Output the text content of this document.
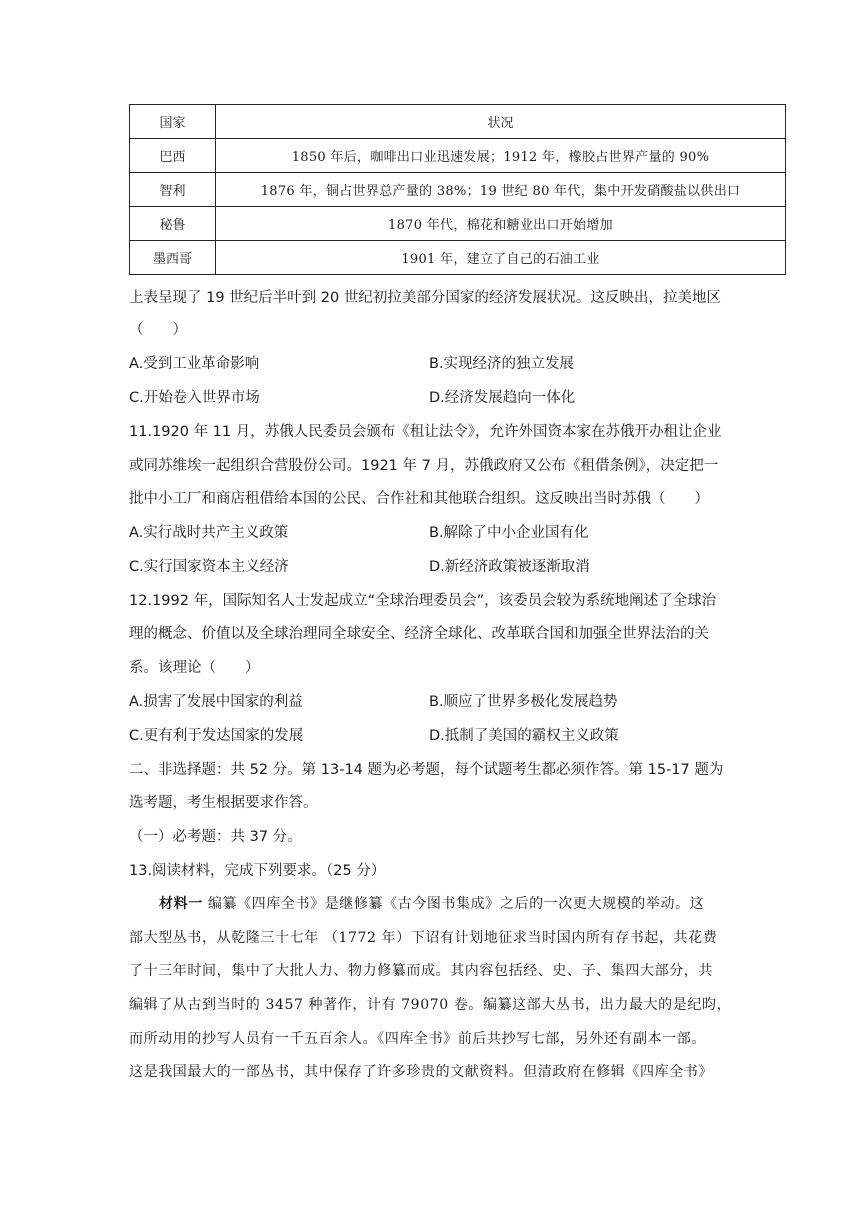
国家	状况
巴西	1850 年后，咖啡出口业迅速发展；1912 年，橡胶占世界产量的 90%
智利	1876 年，铜占世界总产量的 38%；19 世纪 80 年代，集中开发硝酸盐以供出口
秘鲁	1870 年代，棉花和糖业出口开始增加
墨西哥	1901 年，建立了自己的石油工业
上表呈现了 19 世纪后半叶到 20 世纪初拉美部分国家的经济发展状况。这反映出，拉美地区
（　　）
A.受到工业革命影响	B.实现经济的独立发展
C.开始卷入世界市场	D.经济发展趋向一体化
11.1920 年 11 月，苏俄人民委员会颁布《租让法令》，允许外国资本家在苏俄开办租让企业
或同苏维埃一起组织合营股份公司。1921 年 7 月，苏俄政府又公布《租借条例》，决定把一
批中小工厂和商店租借给本国的公民、合作社和其他联合组织。这反映出当时苏俄（　　）
A.实行战时共产主义政策	B.解除了中小企业国有化
C.实行国家资本主义经济	D.新经济政策被逐渐取消
12.1992 年，国际知名人士发起成立“全球治理委员会”，该委员会较为系统地阐述了全球治
理的概念、价值以及全球治理同全球安全、经济全球化、改革联合国和加强全世界法治的关
系。该理论（　　）
A.损害了发展中国家的利益	B.顺应了世界多极化发展趋势
C.更有利于发达国家的发展	D.抵制了美国的霸权主义政策
二、非选择题：共 52 分。第 13-14 题为必考题，每个试题考生都必须作答。第 15-17 题为
选考题，考生根据要求作答。
（一）必考题：共 37 分。
13.阅读材料，完成下列要求。（25 分）
材料一 编纂《四库全书》是继修纂《古今图书集成》之后的一次更大规模的举动。这
部大型丛书，从乾隆三十七年 （1772 年）下诏有计划地征求当时国内所有存书起，共花费
了十三年时间，集中了大批人力、物力修纂而成。其内容包括经、史、子、集四大部分，共
编辑了从古到当时的 3457 种著作，计有 79070 卷。编纂这部大丛书，出力最大的是纪昀，
而所动用的抄写人员有一千五百余人。《四库全书》前后共抄写七部，另外还有副本一部。
这是我国最大的一部丛书，其中保存了许多珍贵的文献资料。但清政府在修辑《四库全书》
